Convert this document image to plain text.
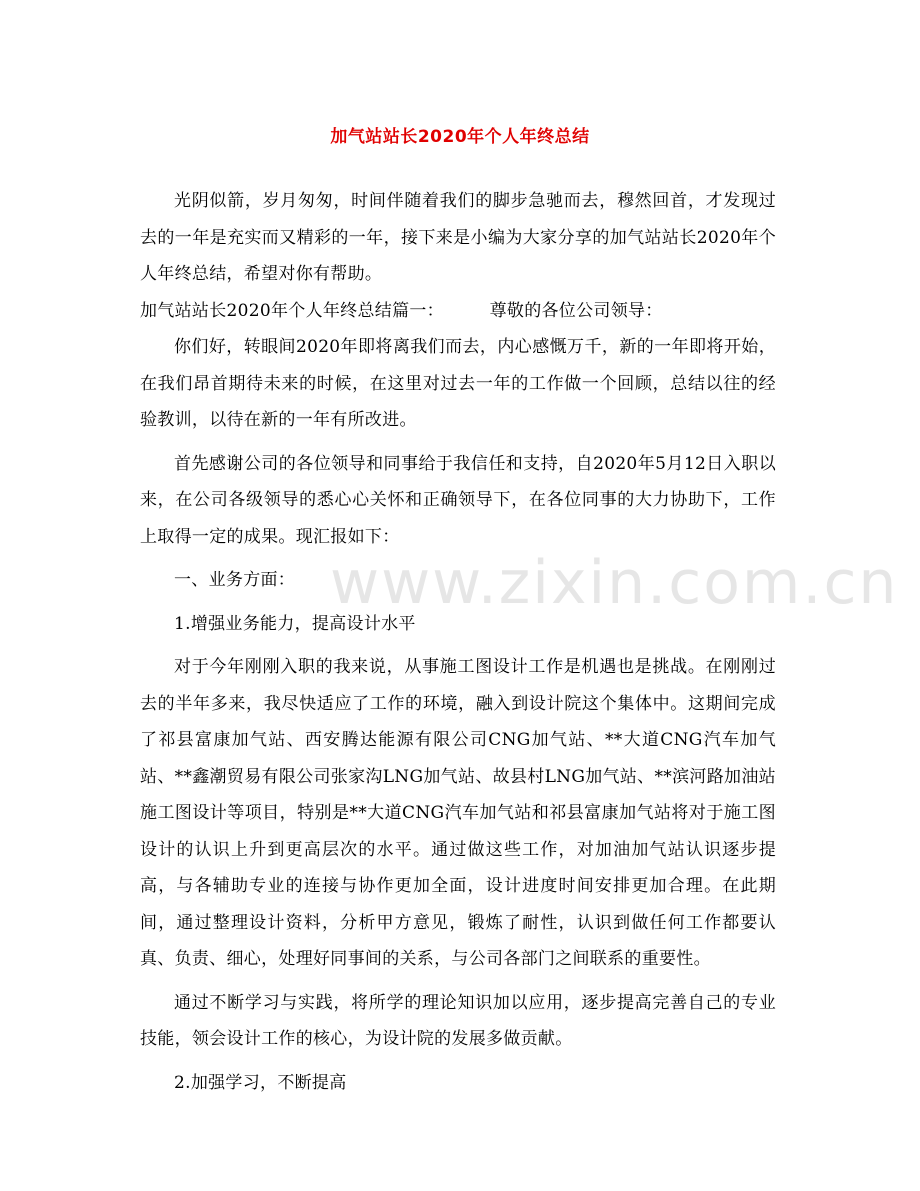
www.zixin.com.cn
加气站站长2020年个人年终总结

光阴似箭，岁月匆匆，时间伴随着我们的脚步急驰而去，穆然回首，才发现过去的一年是充实而又精彩的一年，接下来是小编为大家分享的加气站站长2020年个人年终总结，希望对你有帮助。

加气站站长2020年个人年终总结篇一：	尊敬的各位公司领导：

你们好，转眼间2020年即将离我们而去，内心感慨万千，新的一年即将开始，在我们昂首期待未来的时候，在这里对过去一年的工作做一个回顾，总结以往的经验教训，以待在新的一年有所改进。

首先感谢公司的各位领导和同事给于我信任和支持，自2020年5月12日入职以来，在公司各级领导的悉心心关怀和正确领导下，在各位同事的大力协助下，工作上取得一定的成果。现汇报如下：

一、业务方面：

1.增强业务能力，提高设计水平

对于今年刚刚入职的我来说，从事施工图设计工作是机遇也是挑战。在刚刚过去的半年多来，我尽快适应了工作的环境，融入到设计院这个集体中。这期间完成了祁县富康加气站、西安腾达能源有限公司CNG加气站、**大道CNG汽车加气站、**鑫潮贸易有限公司张家沟LNG加气站、故县村LNG加气站、**滨河路加油站施工图设计等项目，特别是**大道CNG汽车加气站和祁县富康加气站将对于施工图设计的认识上升到更高层次的水平。通过做这些工作，对加油加气站认识逐步提高，与各辅助专业的连接与协作更加全面，设计进度时间安排更加合理。在此期间，通过整理设计资料，分析甲方意见，锻炼了耐性，认识到做任何工作都要认真、负责、细心，处理好同事间的关系，与公司各部门之间联系的重要性。

通过不断学习与实践，将所学的理论知识加以应用，逐步提高完善自己的专业技能，领会设计工作的核心，为设计院的发展多做贡献。

2.加强学习，不断提高
